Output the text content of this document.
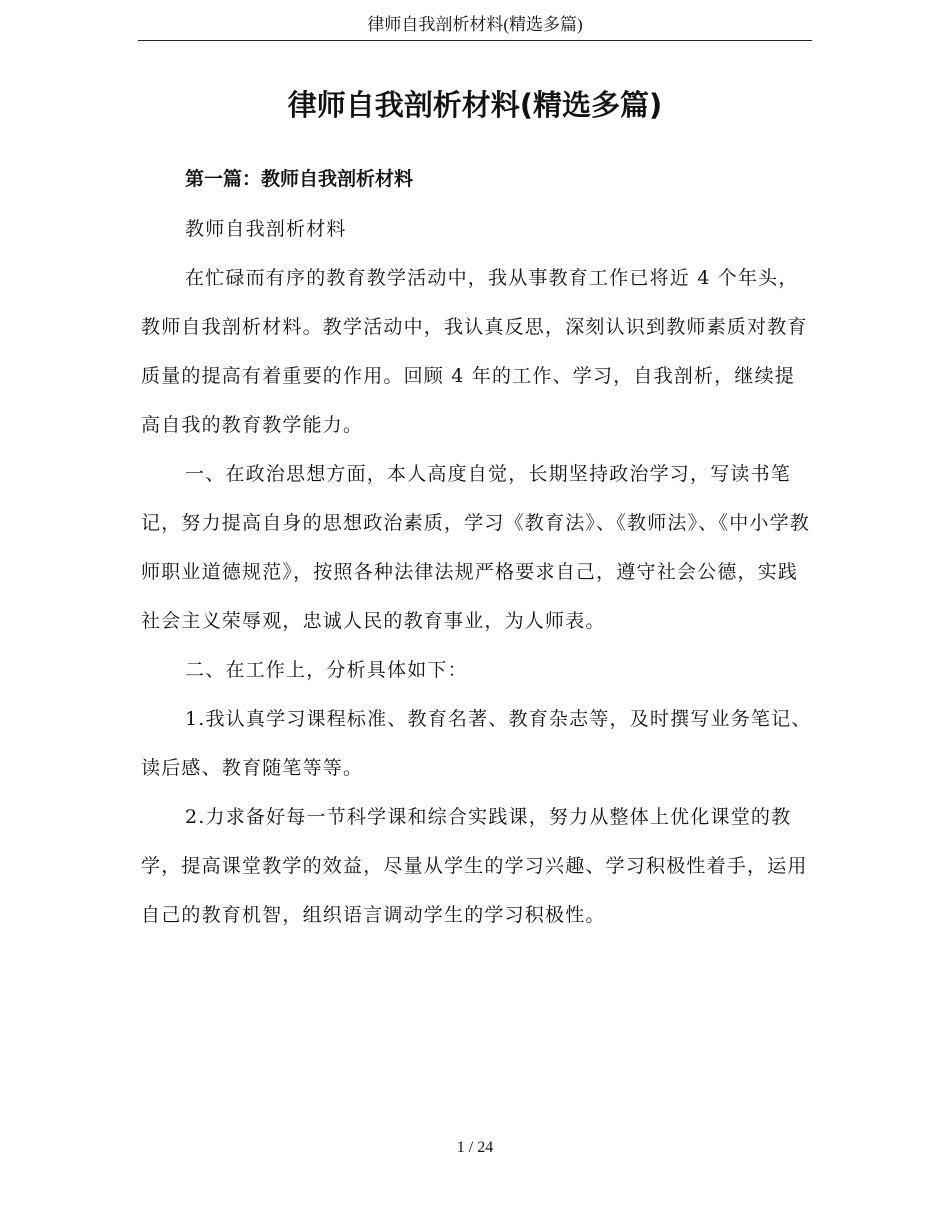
律师自我剖析材料(精选多篇)
律师自我剖析材料(精选多篇)
第一篇：教师自我剖析材料

教师自我剖析材料

在忙碌而有序的教育教学活动中，我从事教育工作已将近 4 个年头，教师自我剖析材料。教学活动中，我认真反思，深刻认识到教师素质对教育质量的提高有着重要的作用。回顾 4 年的工作、学习，自我剖析，继续提高自我的教育教学能力。

一、在政治思想方面，本人高度自觉，长期坚持政治学习，写读书笔记，努力提高自身的思想政治素质，学习《教育法》、《教师法》、《中小学教师职业道德规范》，按照各种法律法规严格要求自己，遵守社会公德，实践社会主义荣辱观，忠诚人民的教育事业，为人师表。

二、在工作上，分析具体如下：

1.我认真学习课程标准、教育名著、教育杂志等，及时撰写业务笔记、读后感、教育随笔等等。

2.力求备好每一节科学课和综合实践课，努力从整体上优化课堂的教学，提高课堂教学的效益，尽量从学生的学习兴趣、学习积极性着手，运用自己的教育机智，组织语言调动学生的学习积极性。

1 / 24
